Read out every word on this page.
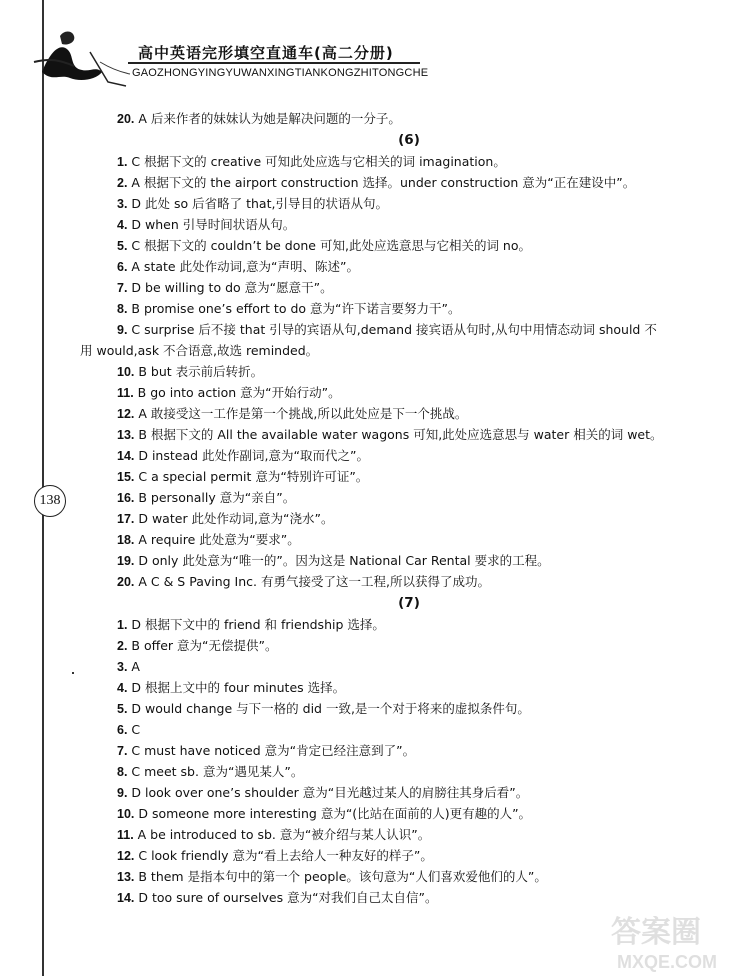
高中英语完形填空直通车(高二分册)
GAOZHONGYINGYUWANXINGTIANKONGZHITONGCHE
138
20. A 后来作者的妹妹认为她是解决问题的一分子。
(6)
1. C 根据下文的 creative 可知此处应选与它相关的词 imagination。
2. A 根据下文的 the airport construction 选择。under construction 意为“正在建设中”。
3. D 此处 so 后省略了 that,引导目的状语从句。
4. D when 引导时间状语从句。
5. C 根据下文的 couldn’t be done 可知,此处应选意思与它相关的词 no。
6. A state 此处作动词,意为“声明、陈述”。
7. D be willing to do 意为“愿意干”。
8. B promise one’s effort to do 意为“许下诺言要努力干”。
9. C surprise 后不接 that 引导的宾语从句,demand 接宾语从句时,从句中用情态动词 should 不
用 would,ask 不合语意,故选 reminded。
10. B but 表示前后转折。
11. B go into action 意为“开始行动”。
12. A 敢接受这一工作是第一个挑战,所以此处应是下一个挑战。
13. B 根据下文的 All the available water wagons 可知,此处应选意思与 water 相关的词 wet。
14. D instead 此处作副词,意为“取而代之”。
15. C a special permit 意为“特别许可证”。
16. B personally 意为“亲自”。
17. D water 此处作动词,意为“浇水”。
18. A require 此处意为“要求”。
19. D only 此处意为“唯一的”。因为这是 National Car Rental 要求的工程。
20. A C & S Paving Inc. 有勇气接受了这一工程,所以获得了成功。
(7)
1. D 根据下文中的 friend 和 friendship 选择。
2. B offer 意为“无偿提供”。
3. A
4. D 根据上文中的 four minutes 选择。
5. D would change 与下一格的 did 一致,是一个对于将来的虚拟条件句。
6. C
7. C must have noticed 意为“肯定已经注意到了”。
8. C meet sb. 意为“遇见某人”。
9. D look over one’s shoulder 意为“目光越过某人的肩膀往其身后看”。
10. D someone more interesting 意为“(比站在面前的人)更有趣的人”。
11. A be introduced to sb. 意为“被介绍与某人认识”。
12. C look friendly 意为“看上去给人一种友好的样子”。
13. B them 是指本句中的第一个 people。该句意为“人们喜欢爱他们的人”。
14. D too sure of ourselves 意为“对我们自己太自信”。
答案圈
MXQE.COM
